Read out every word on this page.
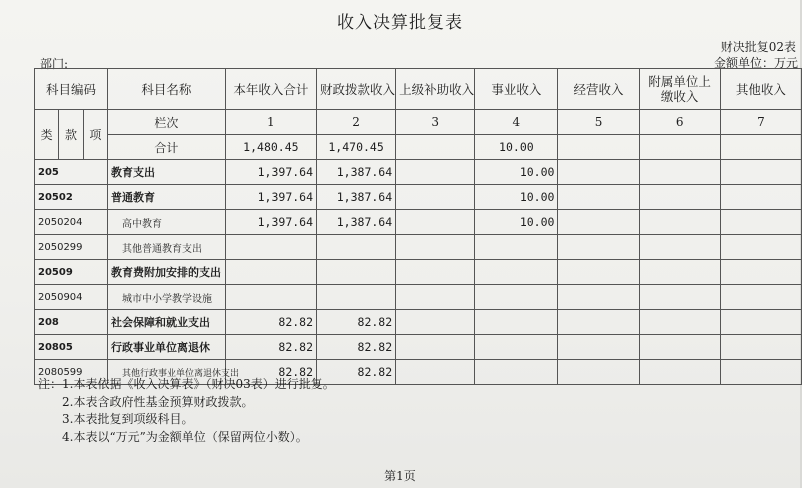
收入决算批复表
财决批复02表
金额单位：万元
部门:
科目编码			科目名称	本年收入合计	财政拨款收入	上级补助收入	事业收入	经营收入	附属单位上缴收入	其他收入
类	款	项	栏次	1	2	3	4	5	6	7
			合计	1,480.45	1,470.45		10.00			
205			教育支出	1,397.64	1,387.64		10.00			
20502			普通教育	1,397.64	1,387.64		10.00			
2050204			高中教育	1,397.64	1,387.64		10.00			
2050299			其他普通教育支出							
20509			教育费附加安排的支出							
2050904			城市中小学教学设施							
208			社会保障和就业支出	82.82	82.82					
20805			行政事业单位离退休	82.82	82.82					
2080599			其他行政事业单位离退休支出	82.82	82.82					
注：1.本表依据《收入决算表》（财决03表）进行批复。
2.本表含政府性基金预算财政拨款。
3.本表批复到项级科目。
4.本表以“万元”为金额单位（保留两位小数）。
第1页
